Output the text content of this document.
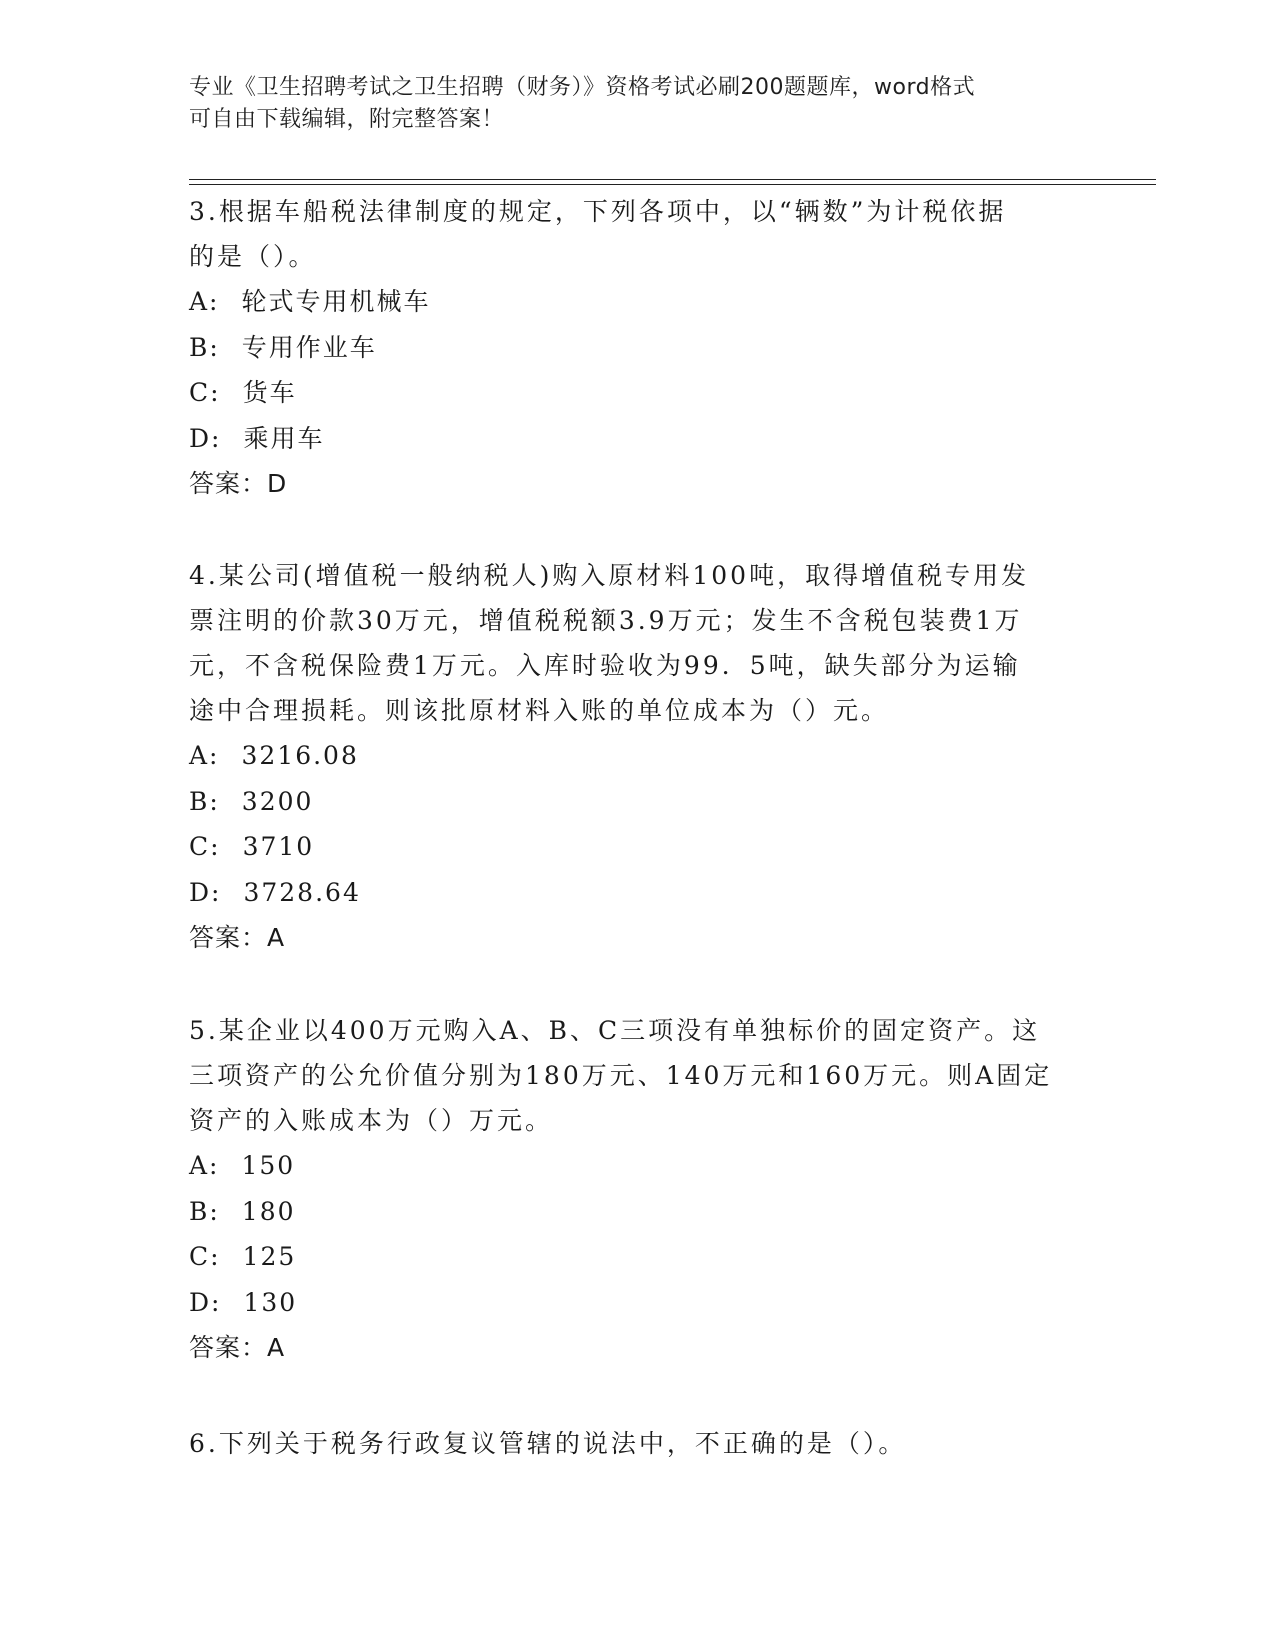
专业《卫生招聘考试之卫生招聘（财务）》资格考试必刷200题题库，word格式
可自由下载编辑，附完整答案！

3.根据车船税法律制度的规定，下列各项中，以“辆数”为计税依据

的是（）。

A: 轮式专用机械车

B: 专用作业车

C: 货车

D: 乘用车

答案：D

4.某公司(增值税一般纳税人)购入原材料100吨，取得增值税专用发

票注明的价款30万元，增值税税额3.9万元；发生不含税包装费1万

元，不含税保险费1万元。入库时验收为99．5吨，缺失部分为运输

途中合理损耗。则该批原材料入账的单位成本为（）元。

A: 3216.08

B: 3200

C: 3710

D: 3728.64

答案：A

5.某企业以400万元购入A、B、C三项没有单独标价的固定资产。这

三项资产的公允价值分别为180万元、140万元和160万元。则A固定

资产的入账成本为（）万元。

A: 150

B: 180

C: 125

D: 130

答案：A

6.下列关于税务行政复议管辖的说法中，不正确的是（）。
